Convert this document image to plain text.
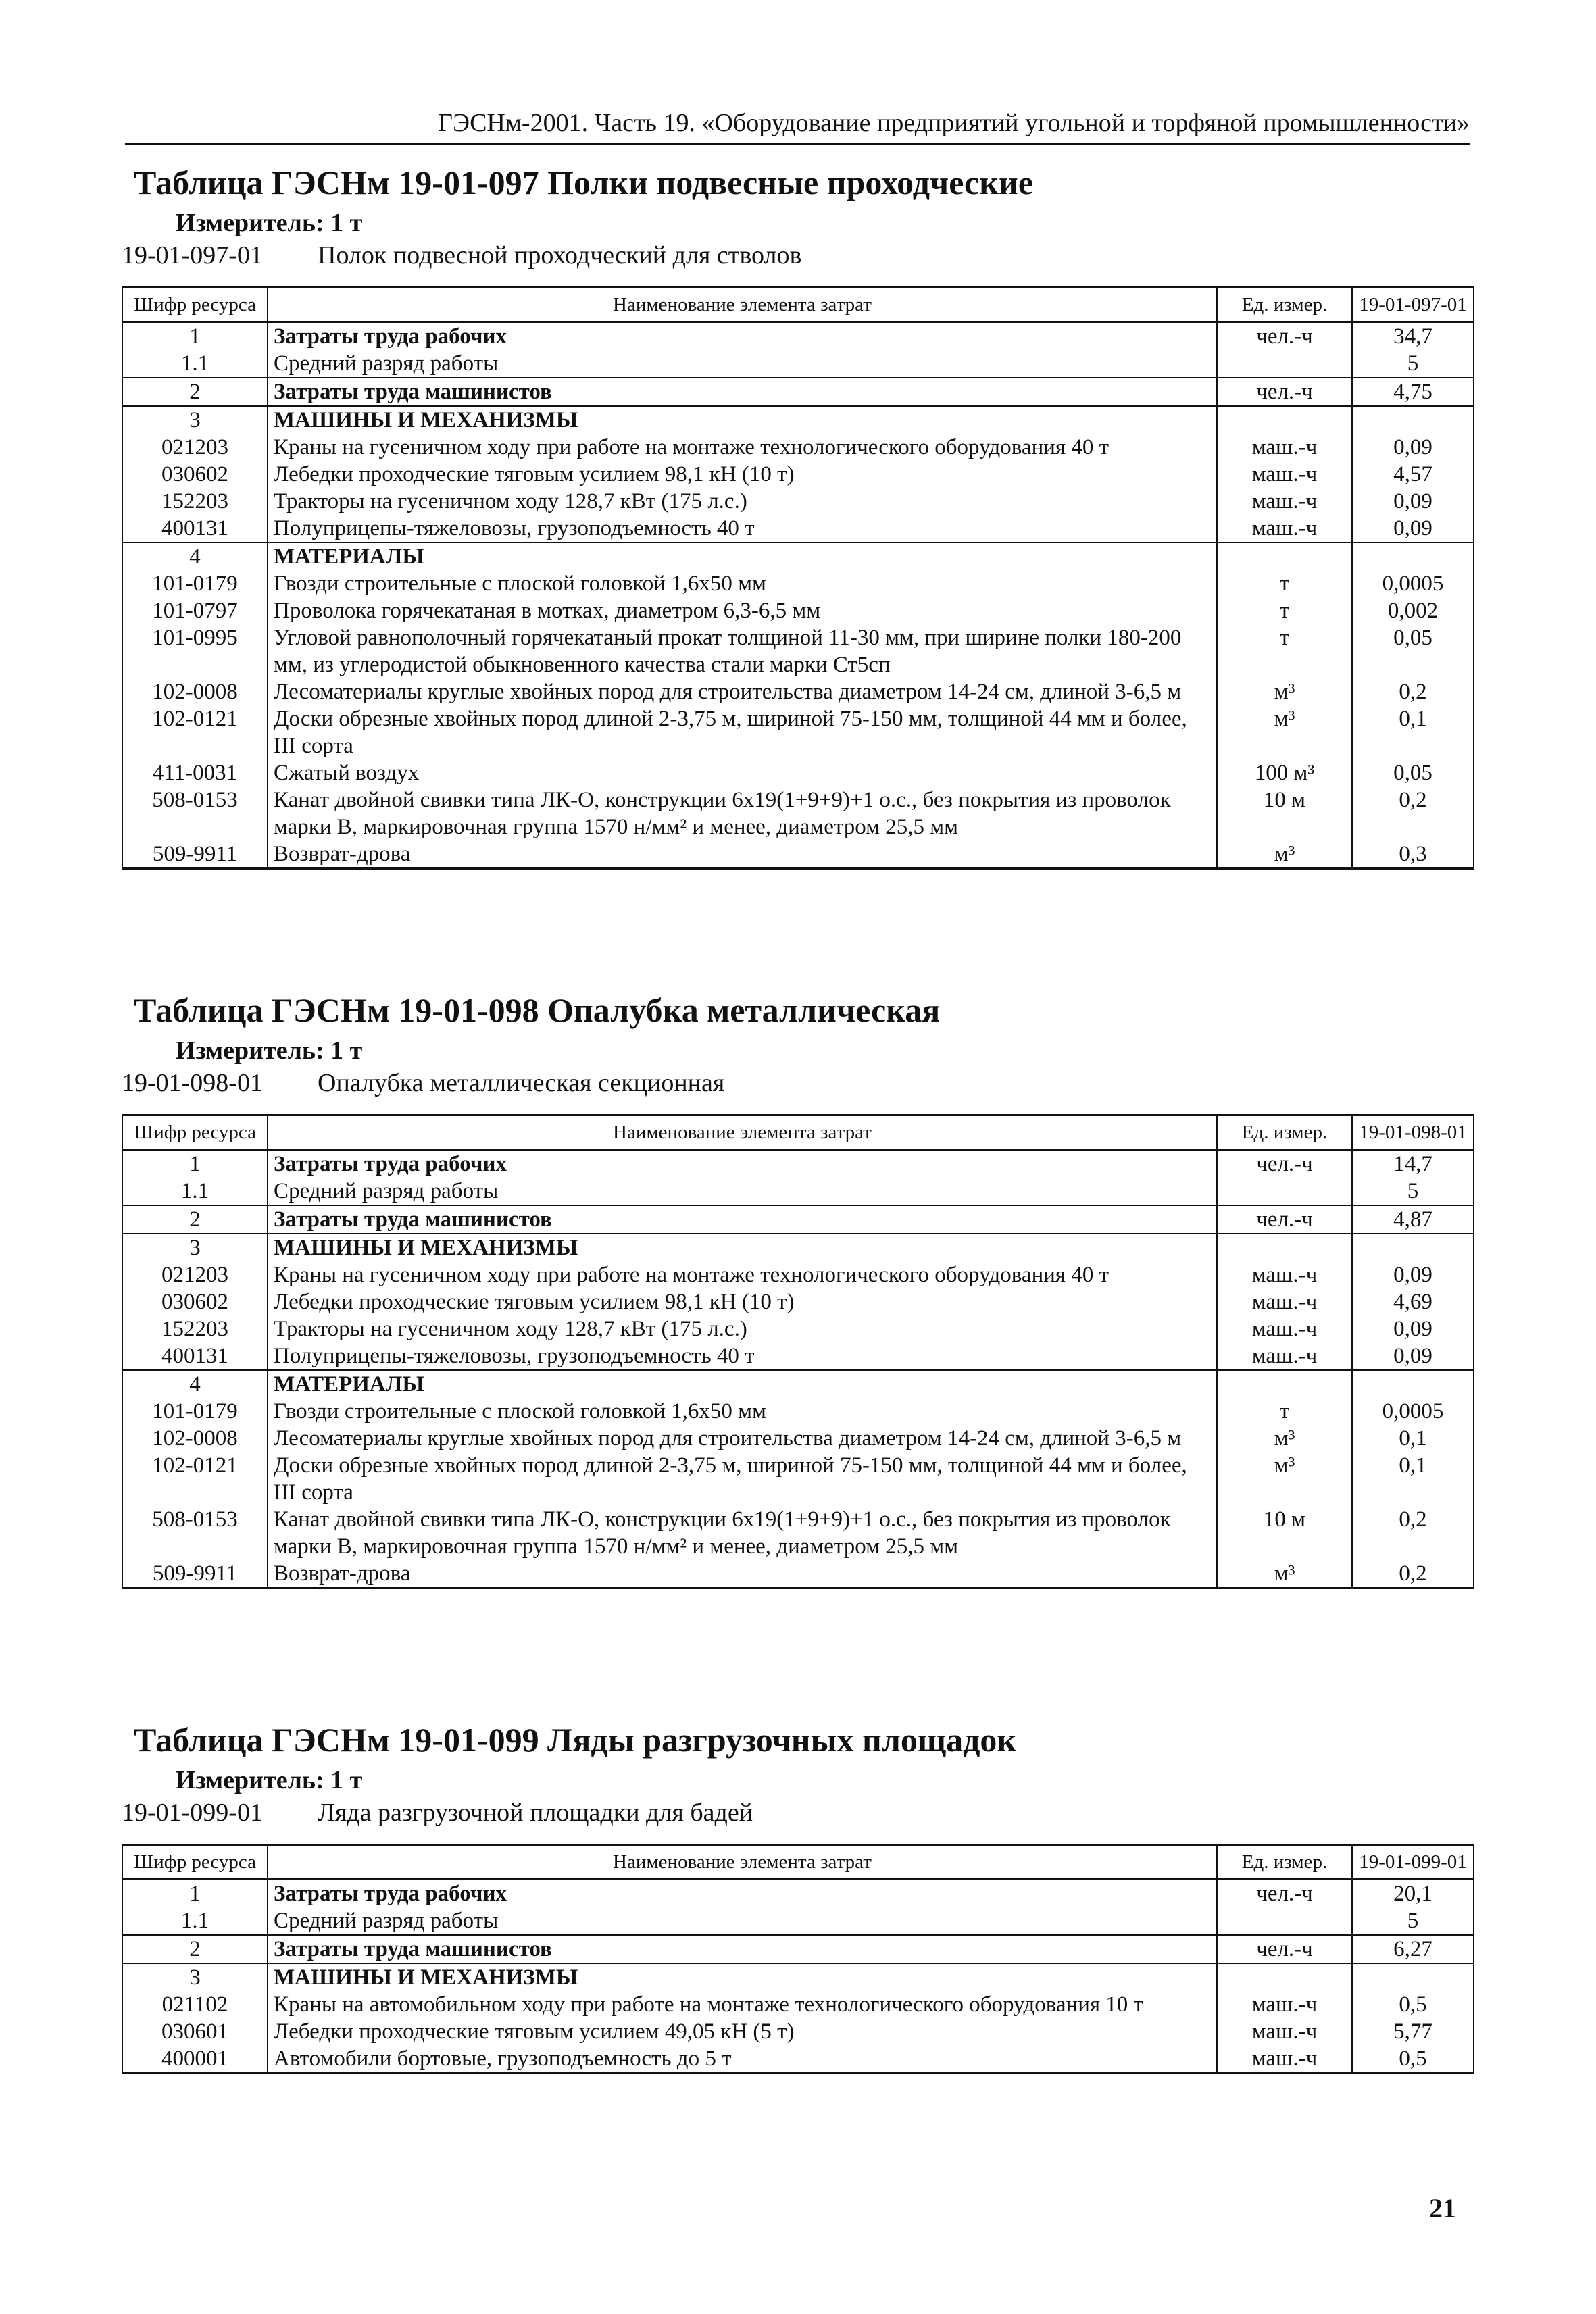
ГЭСНм-2001. Часть 19. «Оборудование предприятий угольной и торфяной промышленности»
Таблица ГЭСНм 19-01-097 Полки подвесные проходческие
Измеритель: 1 т
19-01-097-01 Полок подвесной проходческий для стволов
Шифр ресурса	Наименование элемента затрат	Ед. измер.	19-01-097-01
1	Затраты труда рабочих	чел.-ч	34,7
1.1	Средний разряд работы		5
2	Затраты труда машинистов	чел.-ч	4,75
3	МАШИНЫ И МЕХАНИЗМЫ		
021203	Краны на гусеничном ходу при работе на монтаже технологического оборудования 40 т	маш.-ч	0,09
030602	Лебедки проходческие тяговым усилием 98,1 кН (10 т)	маш.-ч	4,57
152203	Тракторы на гусеничном ходу 128,7 кВт (175 л.с.)	маш.-ч	0,09
400131	Полуприцепы-тяжеловозы, грузоподъемность 40 т	маш.-ч	0,09
4	МАТЕРИАЛЫ		
101-0179	Гвозди строительные с плоской головкой 1,6х50 мм	т	0,0005
101-0797	Проволока горячекатаная в мотках, диаметром 6,3-6,5 мм	т	0,002
101-0995	Угловой равнополочный горячекатаный прокат толщиной 11-30 мм, при ширине полки 180-200 мм, из углеродистой обыкновенного качества стали марки Ст5сп	т	0,05
102-0008	Лесоматериалы круглые хвойных пород для строительства диаметром 14-24 см, длиной 3-6,5 м	м³	0,2
102-0121	Доски обрезные хвойных пород длиной 2-3,75 м, шириной 75-150 мм, толщиной 44 мм и более, III сорта	м³	0,1
411-0031	Сжатый воздух	100 м³	0,05
508-0153	Канат двойной свивки типа ЛК-О, конструкции 6х19(1+9+9)+1 о.с., без покрытия из проволок марки В, маркировочная группа 1570 н/мм² и менее, диаметром 25,5 мм	10 м	0,2
509-9911	Возврат-дрова	м³	0,3
Таблица ГЭСНм 19-01-098 Опалубка металлическая
Измеритель: 1 т
19-01-098-01 Опалубка металлическая секционная
Шифр ресурса	Наименование элемента затрат	Ед. измер.	19-01-098-01
1	Затраты труда рабочих	чел.-ч	14,7
1.1	Средний разряд работы		5
2	Затраты труда машинистов	чел.-ч	4,87
3	МАШИНЫ И МЕХАНИЗМЫ		
021203	Краны на гусеничном ходу при работе на монтаже технологического оборудования 40 т	маш.-ч	0,09
030602	Лебедки проходческие тяговым усилием 98,1 кН (10 т)	маш.-ч	4,69
152203	Тракторы на гусеничном ходу 128,7 кВт (175 л.с.)	маш.-ч	0,09
400131	Полуприцепы-тяжеловозы, грузоподъемность 40 т	маш.-ч	0,09
4	МАТЕРИАЛЫ		
101-0179	Гвозди строительные с плоской головкой 1,6х50 мм	т	0,0005
102-0008	Лесоматериалы круглые хвойных пород для строительства диаметром 14-24 см, длиной 3-6,5 м	м³	0,1
102-0121	Доски обрезные хвойных пород длиной 2-3,75 м, шириной 75-150 мм, толщиной 44 мм и более, III сорта	м³	0,1
508-0153	Канат двойной свивки типа ЛК-О, конструкции 6х19(1+9+9)+1 о.с., без покрытия из проволок марки В, маркировочная группа 1570 н/мм² и менее, диаметром 25,5 мм	10 м	0,2
509-9911	Возврат-дрова	м³	0,2
Таблица ГЭСНм 19-01-099 Ляды разгрузочных площадок
Измеритель: 1 т
19-01-099-01 Ляда разгрузочной площадки для бадей
Шифр ресурса	Наименование элемента затрат	Ед. измер.	19-01-099-01
1	Затраты труда рабочих	чел.-ч	20,1
1.1	Средний разряд работы		5
2	Затраты труда машинистов	чел.-ч	6,27
3	МАШИНЫ И МЕХАНИЗМЫ		
021102	Краны на автомобильном ходу при работе на монтаже технологического оборудования 10 т	маш.-ч	0,5
030601	Лебедки проходческие тяговым усилием 49,05 кН (5 т)	маш.-ч	5,77
400001	Автомобили бортовые, грузоподъемность до 5 т	маш.-ч	0,5
21
